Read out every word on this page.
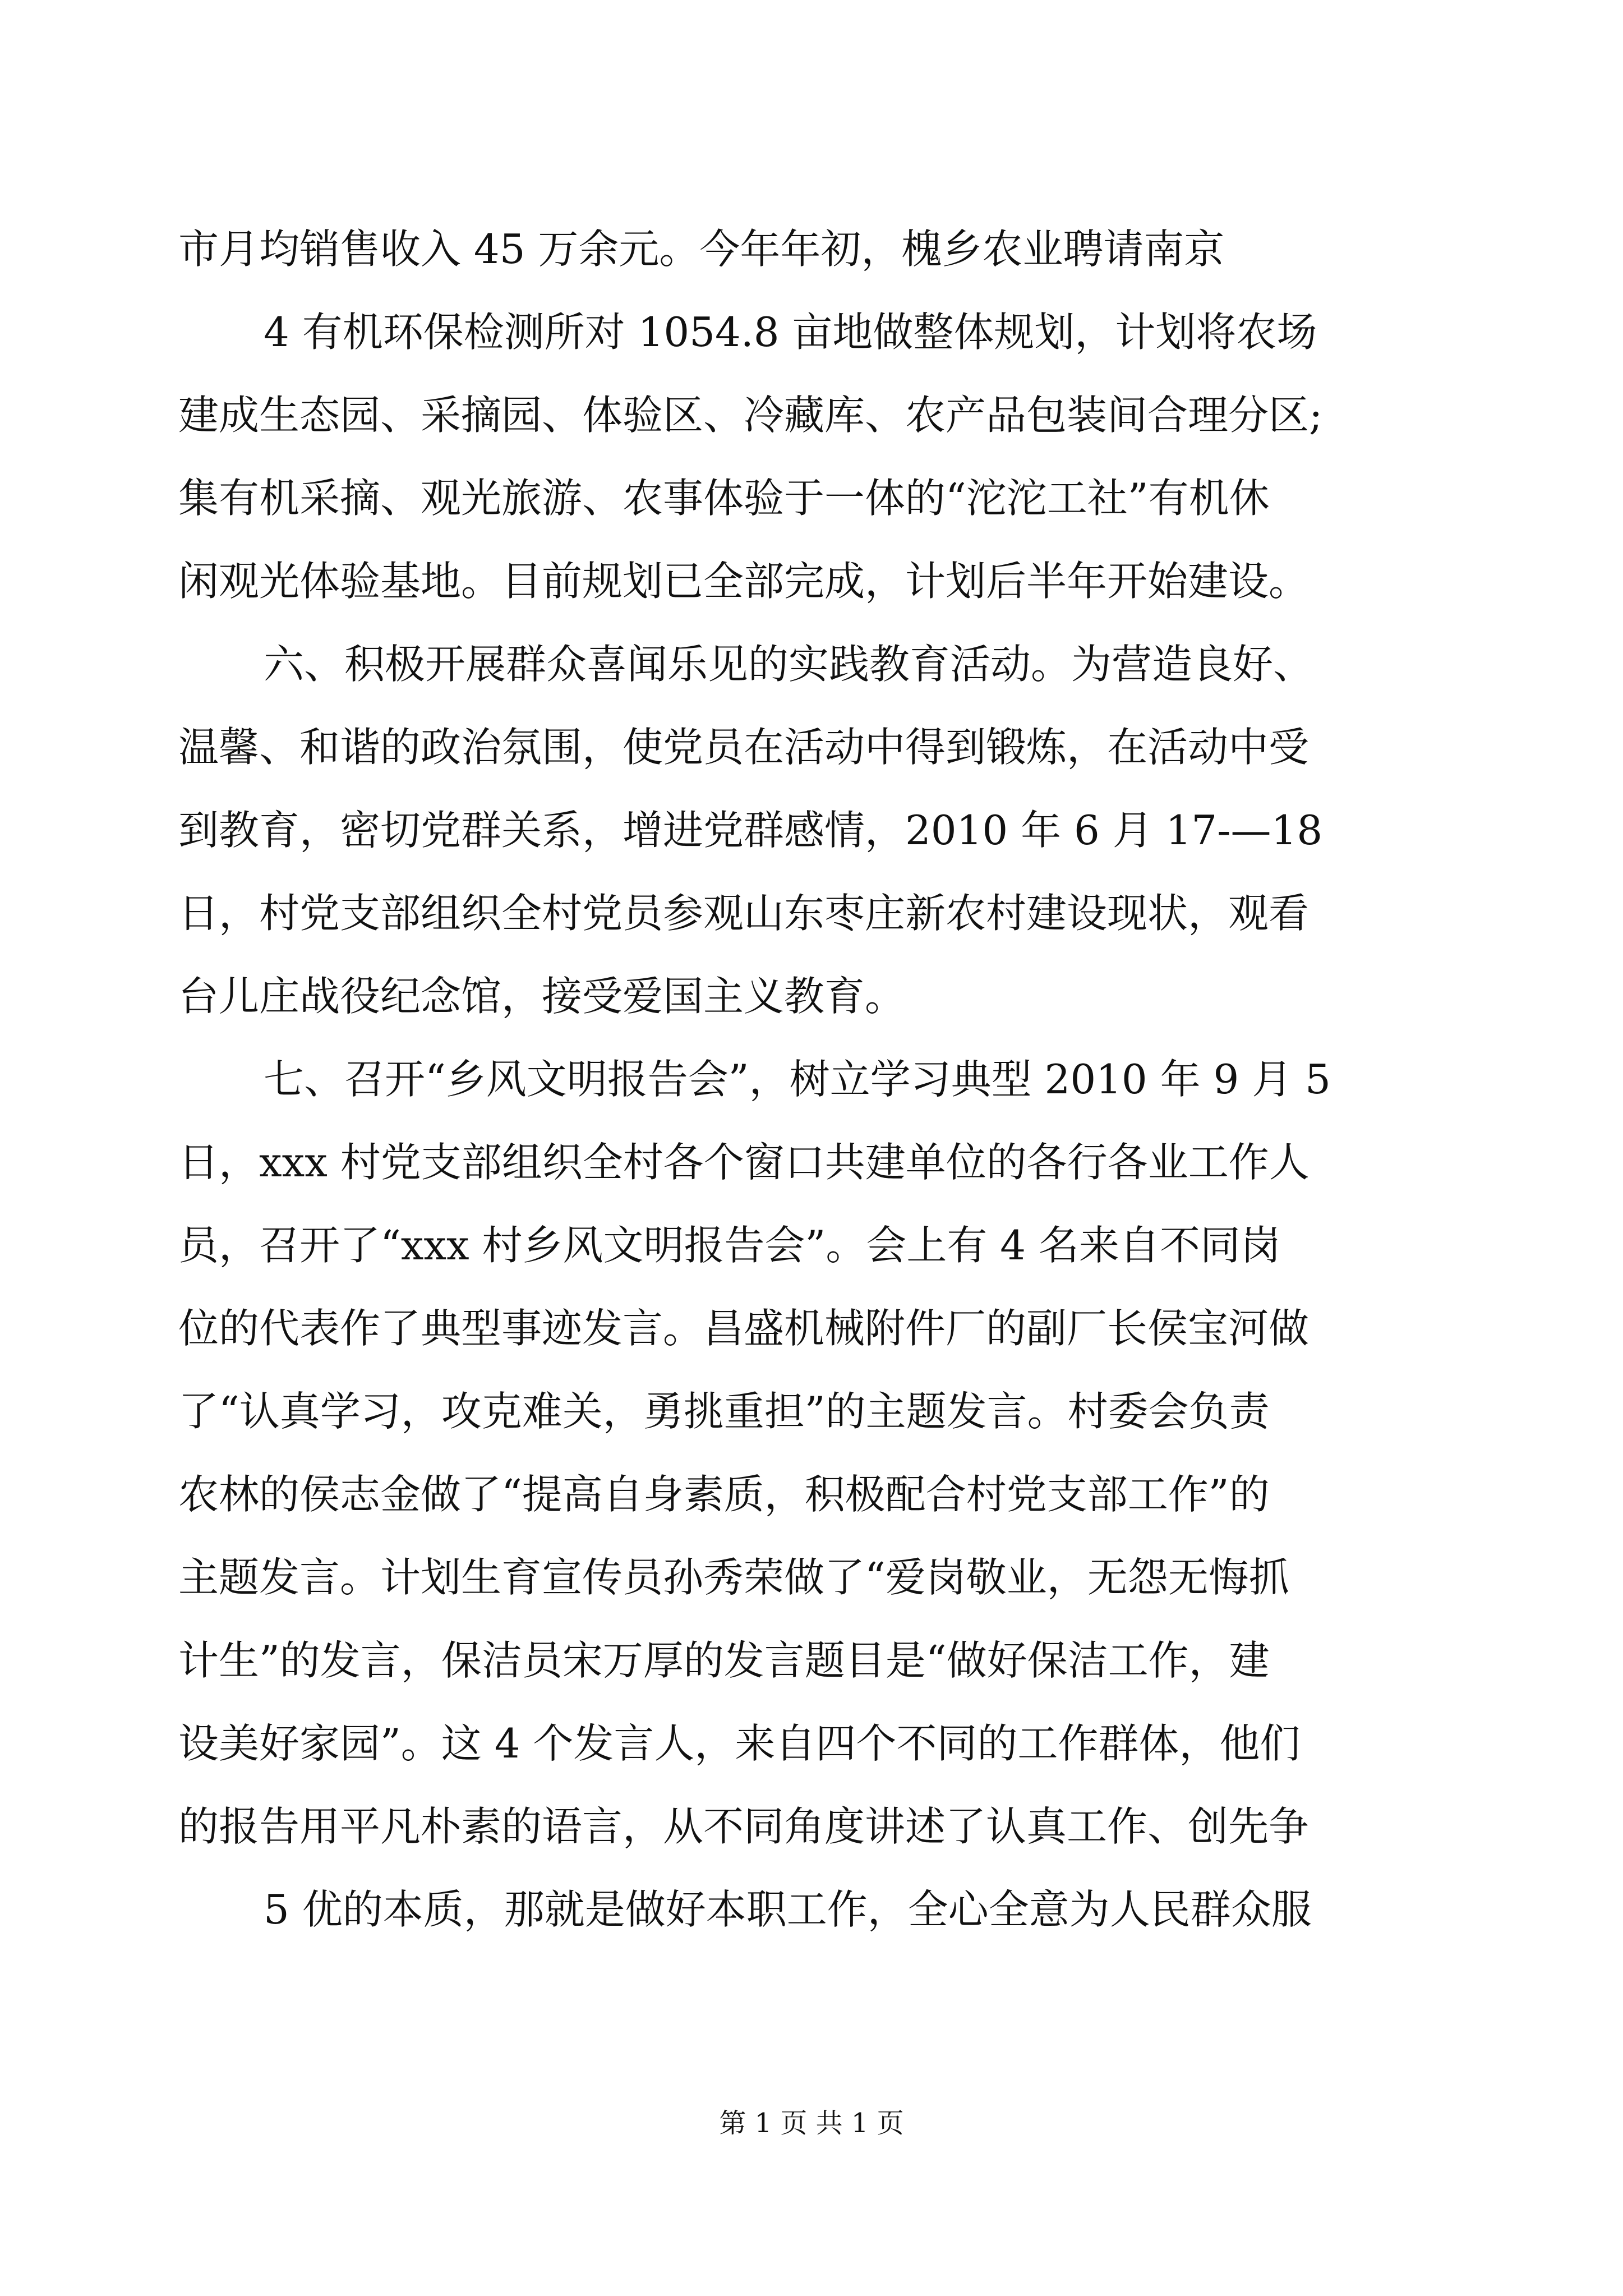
市月均销售收入 45 万余元。今年年初，槐乡农业聘请南京
4 有机环保检测所对 1054.8 亩地做整体规划，计划将农场
建成生态园、采摘园、体验区、冷藏库、农产品包装间合理分区;
集有机采摘、观光旅游、农事体验于一体的“沱沱工社”有机休
闲观光体验基地。目前规划已全部完成，计划后半年开始建设。
六、积极开展群众喜闻乐见的实践教育活动。为营造良好、
温馨、和谐的政治氛围，使党员在活动中得到锻炼，在活动中受
到教育，密切党群关系，增进党群感情，2010 年 6 月 17-—18
日，村党支部组织全村党员参观山东枣庄新农村建设现状，观看
台儿庄战役纪念馆，接受爱国主义教育。
七、召开“乡风文明报告会”，树立学习典型 2010 年 9 月 5
日，xxx 村党支部组织全村各个窗口共建单位的各行各业工作人
员，召开了“xxx 村乡风文明报告会”。会上有 4 名来自不同岗
位的代表作了典型事迹发言。昌盛机械附件厂的副厂长侯宝河做
了“认真学习，攻克难关，勇挑重担”的主题发言。村委会负责
农林的侯志金做了“提高自身素质，积极配合村党支部工作”的
主题发言。计划生育宣传员孙秀荣做了“爱岗敬业，无怨无悔抓
计生”的发言，保洁员宋万厚的发言题目是“做好保洁工作，建
设美好家园”。这 4 个发言人，来自四个不同的工作群体，他们
的报告用平凡朴素的语言，从不同角度讲述了认真工作、创先争
5 优的本质，那就是做好本职工作，全心全意为人民群众服
第 1 页 共 1 页
